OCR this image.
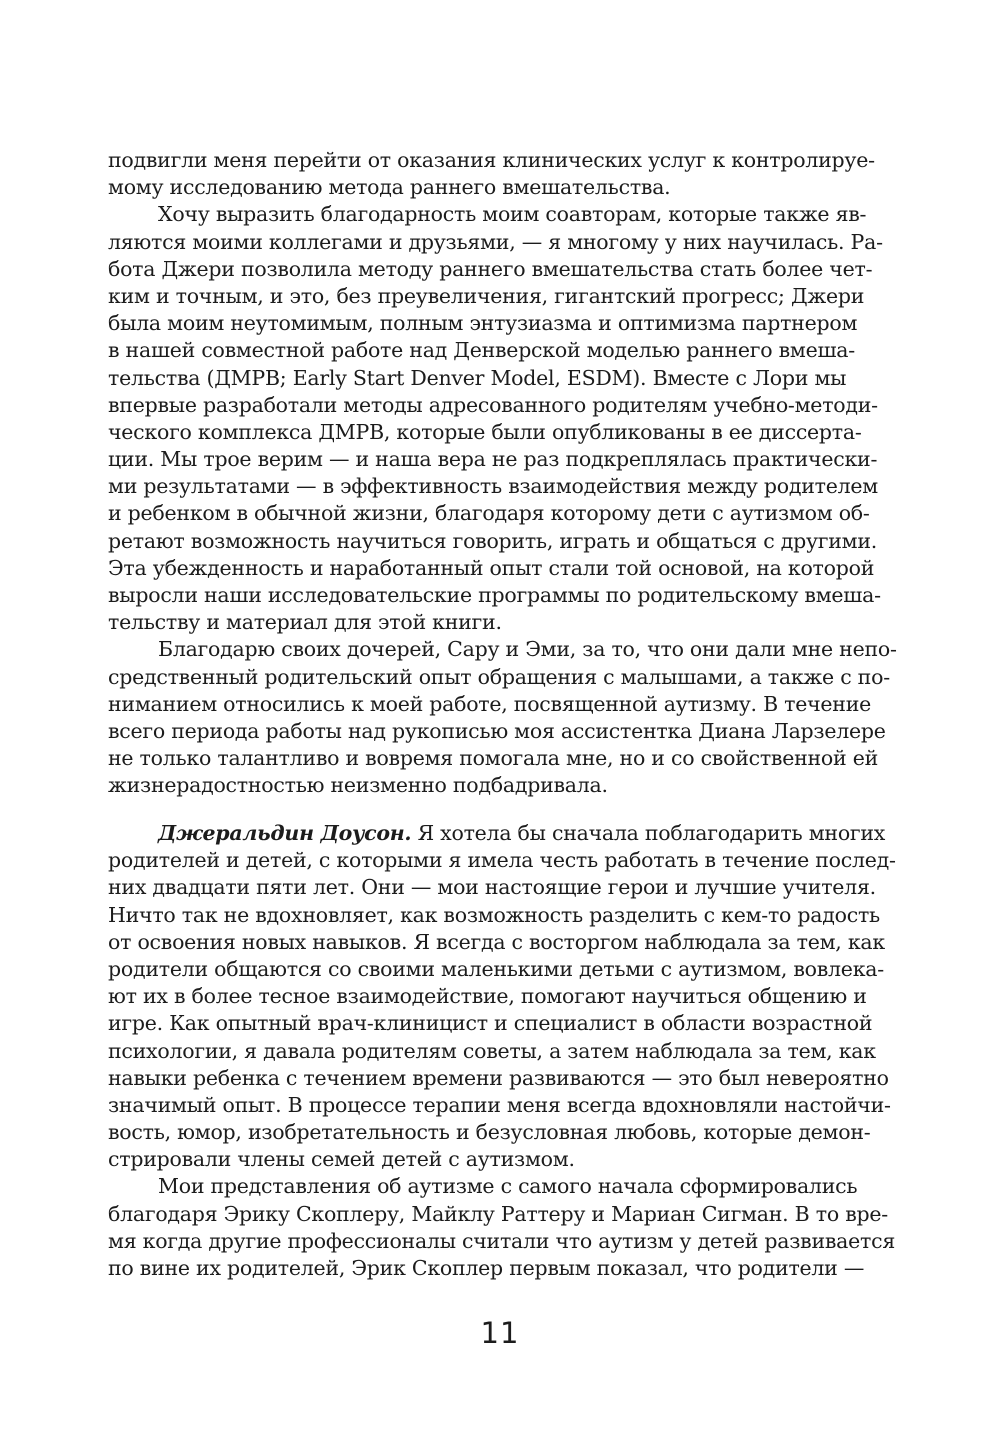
подвигли меня перейти от оказания клинических услуг к контролируе-
мому исследованию метода раннего вмешательства.
Хочу выразить благодарность моим соавторам, которые также яв-
ляются моими коллегами и друзьями, — я многому у них научилась. Ра-
бота Джери позволила методу раннего вмешательства стать более чет-
ким и точным, и это, без преувеличения, гигантский прогресс; Джери
была моим неутомимым, полным энтузиазма и оптимизма партнером
в нашей совместной работе над Денверской моделью раннего вмеша-
тельства (ДМРВ; Early Start Denver Model, ESDM). Вместе с Лори мы
впервые разработали методы адресованного родителям учебно-методи-
ческого комплекса ДМРВ, которые были опубликованы в ее диссерта-
ции. Мы трое верим — и наша вера не раз подкреплялась практически-
ми результатами — в эффективность взаимодействия между родителем
и ребенком в обычной жизни, благодаря которому дети с аутизмом об-
ретают возможность научиться говорить, играть и общаться с другими.
Эта убежденность и наработанный опыт стали той основой, на которой
выросли наши исследовательские программы по родительскому вмеша-
тельству и материал для этой книги.
Благодарю своих дочерей, Сару и Эми, за то, что они дали мне непо-
средственный родительский опыт обращения с малышами, а также с по-
ниманием относились к моей работе, посвященной аутизму. В течение
всего периода работы над рукописью моя ассистентка Диана Ларзелере
не только талантливо и вовремя помогала мне, но и со свойственной ей
жизнерадостностью неизменно подбадривала.
Джеральдин Доусон. Я хотела бы сначала поблагодарить многих
родителей и детей, с которыми я имела честь работать в течение послед-
них двадцати пяти лет. Они — мои настоящие герои и лучшие учителя.
Ничто так не вдохновляет, как возможность разделить с кем-то радость
от освоения новых навыков. Я всегда с восторгом наблюдала за тем, как
родители общаются со своими маленькими детьми с аутизмом, вовлека-
ют их в более тесное взаимодействие, помогают научиться общению и
игре. Как опытный врач-клиницист и специалист в области возрастной
психологии, я давала родителям советы, а затем наблюдала за тем, как
навыки ребенка с течением времени развиваются — это был невероятно
значимый опыт. В процессе терапии меня всегда вдохновляли настойчи-
вость, юмор, изобретательность и безусловная любовь, которые демон-
стрировали члены семей детей с аутизмом.
Мои представления об аутизме с самого начала сформировались
благодаря Эрику Скоплеру, Майклу Раттеру и Мариан Сигман. В то вре-
мя когда другие профессионалы считали что аутизм у детей развивается
по вине их родителей, Эрик Скоплер первым показал, что родители —
11
